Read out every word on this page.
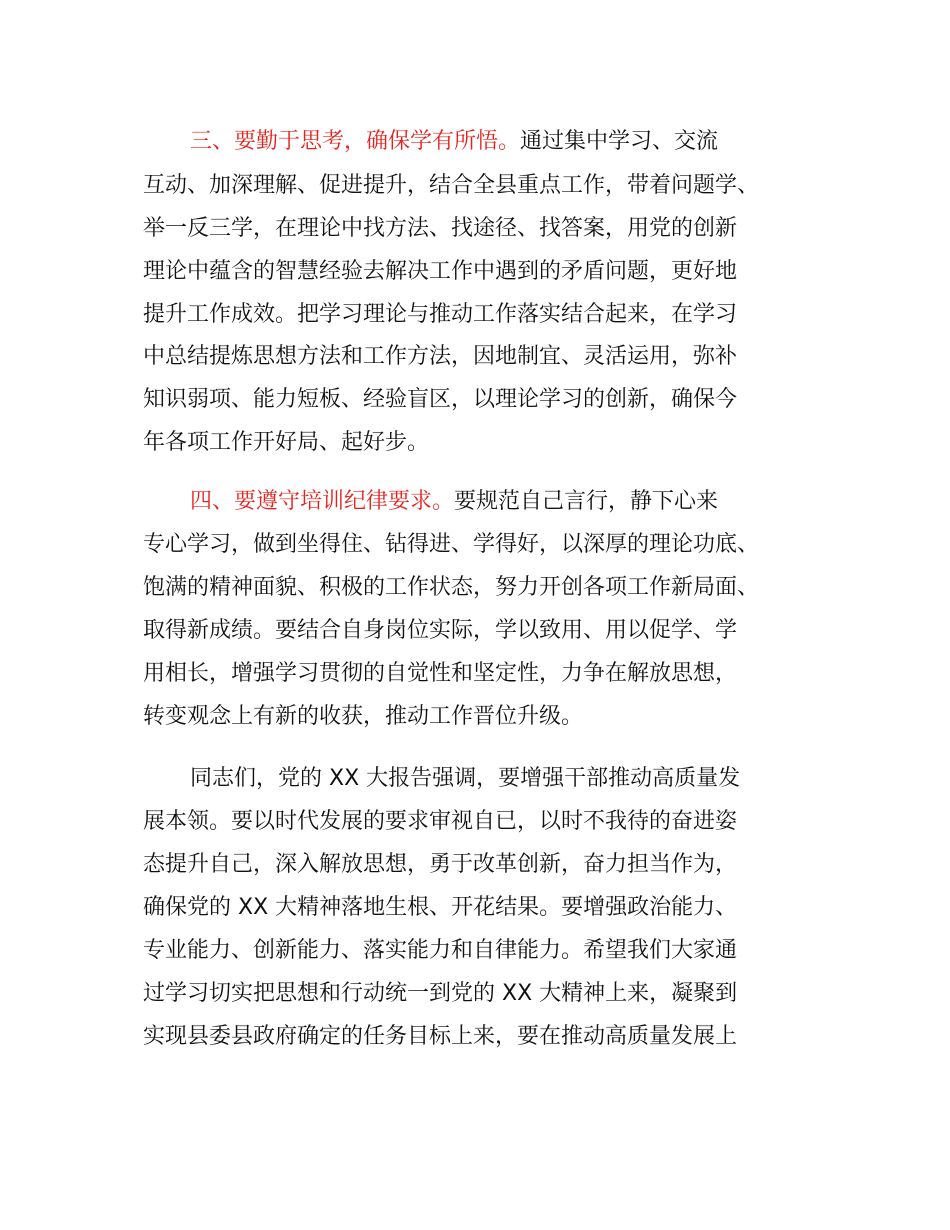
三、要勤于思考，确保学有所悟。通过集中学习、交流
互动、加深理解、促进提升，结合全县重点工作，带着问题学、
举一反三学，在理论中找方法、找途径、找答案，用党的创新
理论中蕴含的智慧经验去解决工作中遇到的矛盾问题，更好地
提升工作成效。把学习理论与推动工作落实结合起来，在学习
中总结提炼思想方法和工作方法，因地制宜、灵活运用，弥补
知识弱项、能力短板、经验盲区，以理论学习的创新，确保今
年各项工作开好局、起好步。
四、要遵守培训纪律要求。要规范自己言行，静下心来
专心学习，做到坐得住、钻得进、学得好，以深厚的理论功底、
饱满的精神面貌、积极的工作状态，努力开创各项工作新局面、
取得新成绩。要结合自身岗位实际，学以致用、用以促学、学
用相长，增强学习贯彻的自觉性和坚定性，力争在解放思想，
转变观念上有新的收获，推动工作晋位升级。
同志们，党的 XX 大报告强调，要增强干部推动高质量发
展本领。要以时代发展的要求审视自已，以时不我待的奋进姿
态提升自己，深入解放思想，勇于改革创新，奋力担当作为，
确保党的 XX 大精神落地生根、开花结果。要增强政治能力、
专业能力、创新能力、落实能力和自律能力。希望我们大家通
过学习切实把思想和行动统一到党的 XX 大精神上来，凝聚到
实现县委县政府确定的任务目标上来，要在推动高质量发展上
